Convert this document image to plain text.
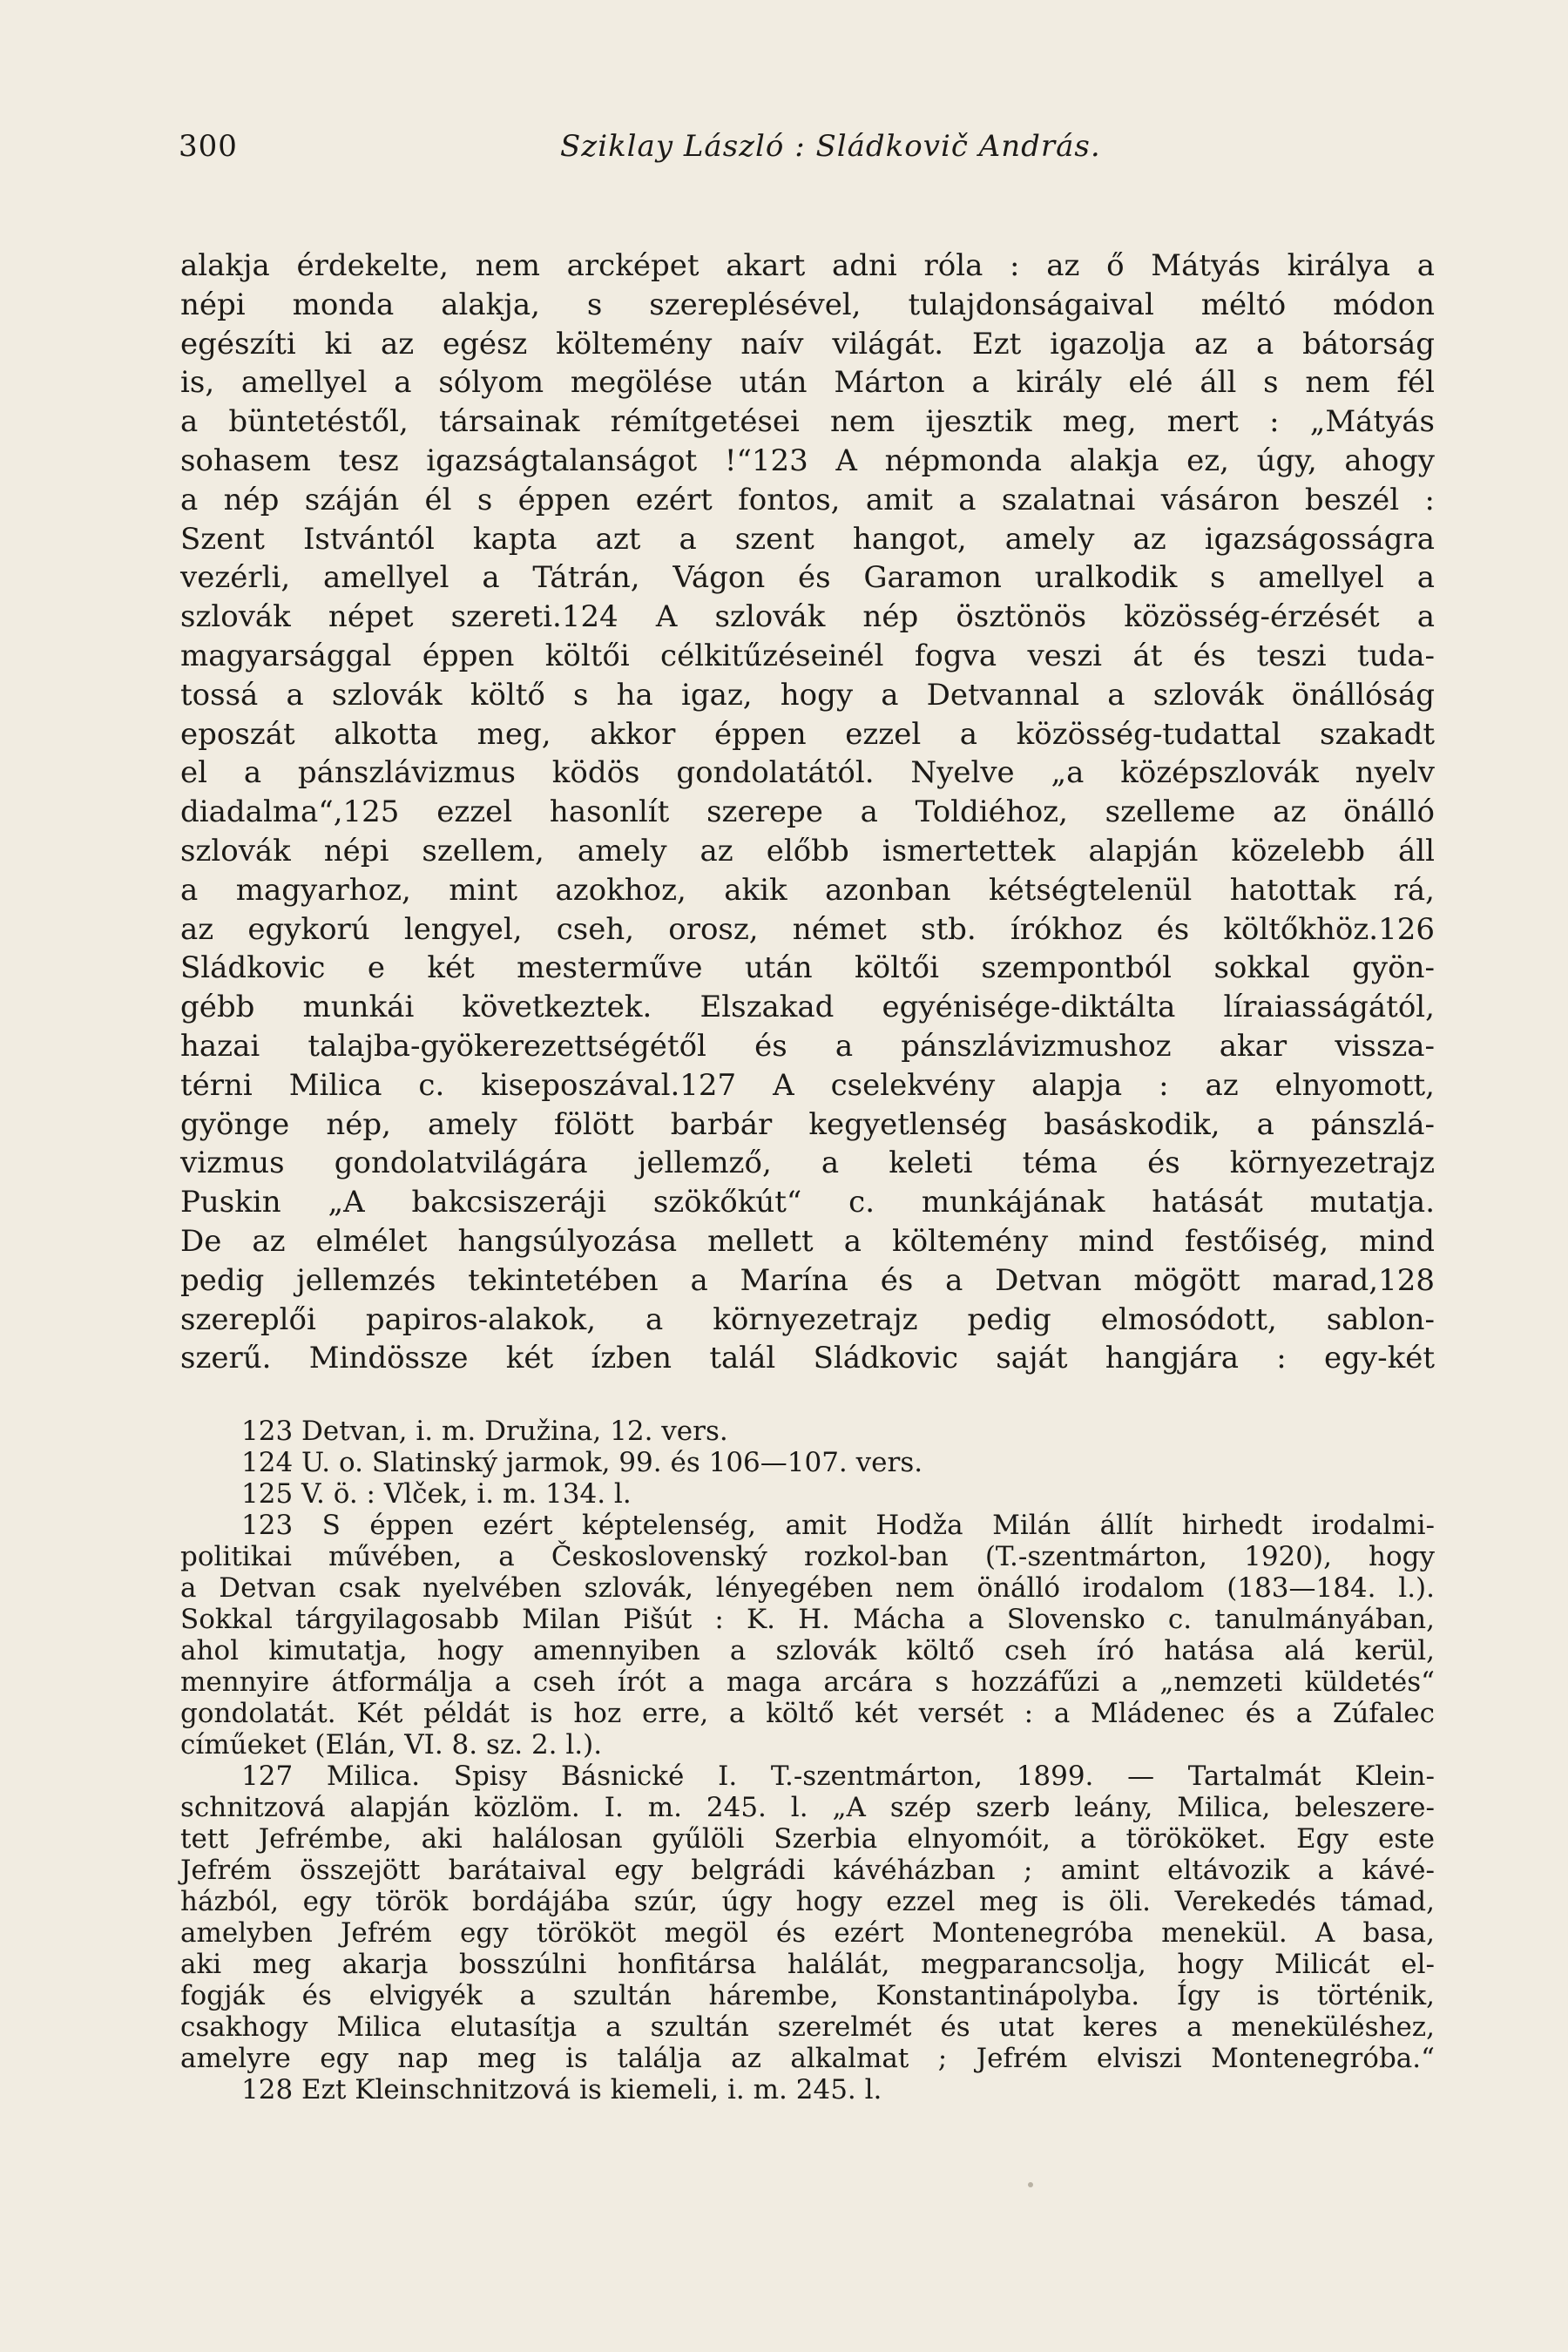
300	Sziklay László : Sládkovič András.
alakja érdekelte, nem arcképet akart adni róla : az ő Mátyás királya a
népi monda alakja, s szereplésével, tulajdonságaival méltó módon
egészíti ki az egész költemény naív világát. Ezt igazolja az a bátorság
is, amellyel a sólyom megölése után Márton a király elé áll s nem fél
a büntetéstől, társainak rémítgetései nem ijesztik meg, mert : „Mátyás
sohasem tesz igazságtalanságot !“123 A népmonda alakja ez, úgy, ahogy
a nép száján él s éppen ezért fontos, amit a szalatnai vásáron beszél :
Szent Istvántól kapta azt a szent hangot, amely az igazságosságra
vezérli, amellyel a Tátrán, Vágon és Garamon uralkodik s amellyel a
szlovák népet szereti.124 A szlovák nép ösztönös közösség-érzését a
magyarsággal éppen költői célkitűzéseinél fogva veszi át és teszi tuda-
tossá a szlovák költő s ha igaz, hogy a Detvannal a szlovák önállóság
eposzát alkotta meg, akkor éppen ezzel a közösség-tudattal szakadt
el a pánszlávizmus ködös gondolatától. Nyelve „a középszlovák nyelv
diadalma“,125 ezzel hasonlít szerepe a Toldiéhoz, szelleme az önálló
szlovák népi szellem, amely az előbb ismertettek alapján közelebb áll
a magyarhoz, mint azokhoz, akik azonban kétségtelenül hatottak rá,
az egykorú lengyel, cseh, orosz, német stb. írókhoz és költőkhöz.126
Sládkovic e két mesterműve után költői szempontból sokkal gyön-
gébb munkái következtek. Elszakad egyénisége-diktálta líraiasságától,
hazai talajba-gyökerezettségétől és a pánszlávizmushoz akar vissza-
térni Milica c. kiseposzával.127 A cselekvény alapja : az elnyomott,
gyönge nép, amely fölött barbár kegyetlenség basáskodik, a pánszlá-
vizmus gondolatvilágára jellemző, a keleti téma és környezetrajz
Puskin „A bakcsiszeráji szökőkút“ c. munkájának hatását mutatja.
De az elmélet hangsúlyozása mellett a költemény mind festőiség, mind
pedig jellemzés tekintetében a Marína és a Detvan mögött marad,128
szereplői papiros-alakok, a környezetrajz pedig elmosódott, sablon-
szerű. Mindössze két ízben talál Sládkovic saját hangjára : egy-két
123 Detvan, i. m. Družina, 12. vers.
124 U. o. Slatinský jarmok, 99. és 106—107. vers.
125 V. ö. : Vlček, i. m. 134. l.
123 S éppen ezért képtelenség, amit Hodža Milán állít hirhedt irodalmi-
politikai művében, a Československý rozkol-ban (T.-szentmárton, 1920), hogy
a Detvan csak nyelvében szlovák, lényegében nem önálló irodalom (183—184. l.).
Sokkal tárgyilagosabb Milan Pišút : K. H. Mácha a Slovensko c. tanulmányában,
ahol kimutatja, hogy amennyiben a szlovák költő cseh író hatása alá kerül,
mennyire átformálja a cseh írót a maga arcára s hozzáfűzi a „nemzeti küldetés“
gondolatát. Két példát is hoz erre, a költő két versét : a Mládenec és a Zúfalec
címűeket (Elán, VI. 8. sz. 2. l.).
127 Milica. Spisy Básnické I. T.-szentmárton, 1899. — Tartalmát Klein-
schnitzová alapján közlöm. I. m. 245. l. „A szép szerb leány, Milica, beleszere-
tett Jefrémbe, aki halálosan gyűlöli Szerbia elnyomóit, a törököket. Egy este
Jefrém összejött barátaival egy belgrádi kávéházban ; amint eltávozik a kávé-
házból, egy török bordájába szúr, úgy hogy ezzel meg is öli. Verekedés támad,
amelyben Jefrém egy törököt megöl és ezért Montenegróba menekül. A basa,
aki meg akarja bosszúlni honfitársa halálát, megparancsolja, hogy Milicát el-
fogják és elvigyék a szultán hárembe, Konstantinápolyba. Így is történik,
csakhogy Milica elutasítja a szultán szerelmét és utat keres a meneküléshez,
amelyre egy nap meg is találja az alkalmat ; Jefrém elviszi Montenegróba.“
128 Ezt Kleinschnitzová is kiemeli, i. m. 245. l.
